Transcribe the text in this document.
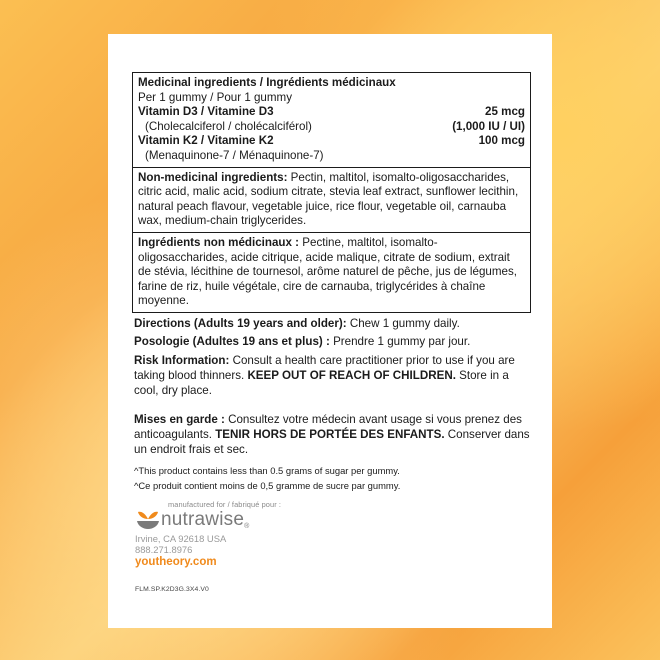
Medicinal ingredients / Ingrédients médicinaux
Per 1 gummy / Pour 1 gummy
Vitamin D3 / Vitamine D3	25 mcg
(Cholecalciferol / cholécalciférol)	(1,000 IU / UI)
Vitamin K2 / Vitamine K2	100 mcg
(Menaquinone-7 / Ménaquinone-7)
Non-medicinal ingredients: Pectin, maltitol, isomalto-oligosaccharides, citric acid, malic acid, sodium citrate, stevia leaf extract, sunflower lecithin, natural peach flavour, vegetable juice, rice flour, vegetable oil, carnauba wax, medium-chain triglycerides.
Ingrédients non médicinaux : Pectine, maltitol, isomalto-oligosaccharides, acide citrique, acide malique, citrate de sodium, extrait de stévia, lécithine de tournesol, arôme naturel de pêche, jus de légumes, farine de riz, huile végétale, cire de carnauba, triglycérides à chaîne moyenne.
Directions (Adults 19 years and older): Chew 1 gummy daily.
Posologie (Adultes 19 ans et plus) : Prendre 1 gummy par jour.
Risk Information: Consult a health care practitioner prior to use if you are taking blood thinners. KEEP OUT OF REACH OF CHILDREN. Store in a cool, dry place.
Mises en garde : Consultez votre médecin avant usage si vous prenez des anticoagulants. TENIR HORS DE PORTÉE DES ENFANTS. Conserver dans un endroit frais et sec.
^This product contains less than 0.5 grams of sugar per gummy.
^Ce produit contient moins de 0,5 gramme de sucre par gummy.
manufactured for / fabriqué pour :
nutrawise ®
Irvine, CA 92618 USA
888.271.8976
youtheory.com
FLM.SP.K2D3G.3X4.V0
